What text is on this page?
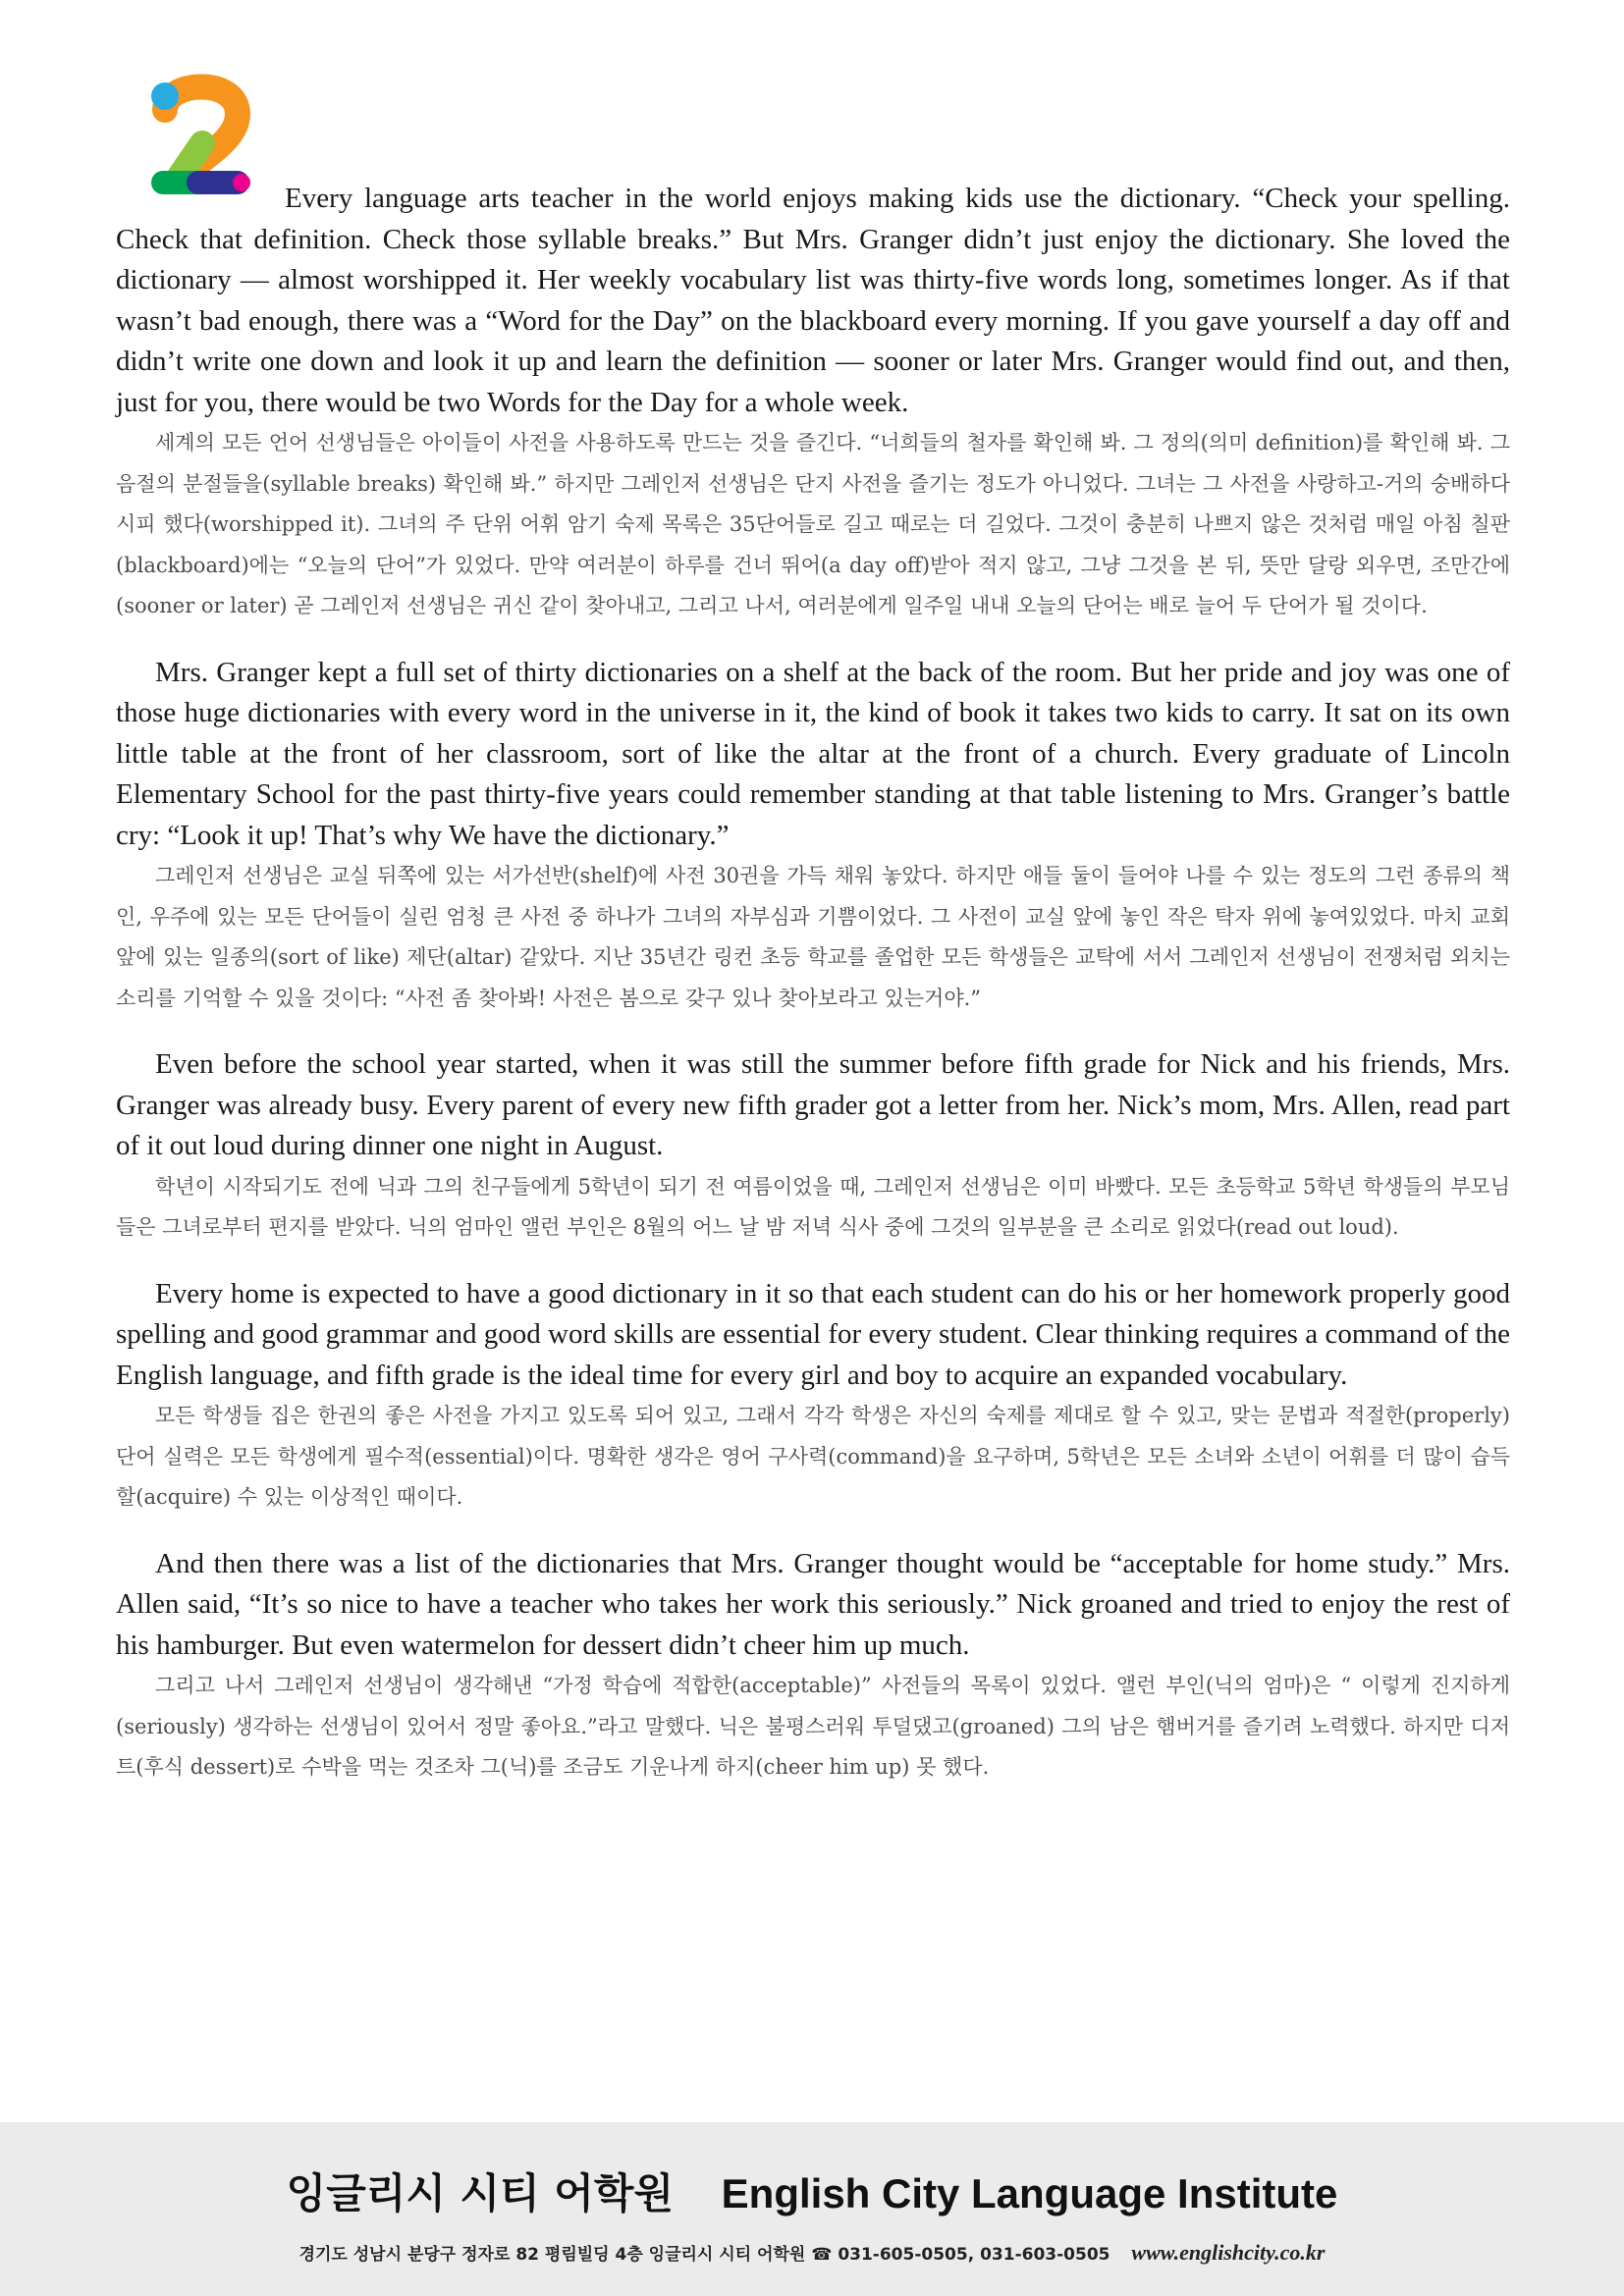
Every language arts teacher in the world enjoys making kids use the dictionary. “Check your spelling. Check that definition. Check those syllable breaks.” But Mrs. Granger didn’t just enjoy the dictionary. She loved the dictionary — almost worshipped it. Her weekly vocabulary list was thirty-five words long, sometimes longer. As if that wasn’t bad enough, there was a “Word for the Day” on the blackboard every morning. If you gave yourself a day off and didn’t write one down and look it up and learn the definition — sooner or later Mrs. Granger would find out, and then, just for you, there would be two Words for the Day for a whole week.

세계의 모든 언어 선생님들은 아이들이 사전을 사용하도록 만드는 것을 즐긴다. “너희들의 철자를 확인해 봐. 그 정의(의미 definition)를 확인해 봐. 그 음절의 분절들을(syllable breaks) 확인해 봐.” 하지만 그레인저 선생님은 단지 사전을 즐기는 정도가 아니었다. 그녀는 그 사전을 사랑하고-거의 숭배하다시피 했다(worshipped it). 그녀의 주 단위 어휘 암기 숙제 목록은 35단어들로 길고 때로는 더 길었다. 그것이 충분히 나쁘지 않은 것처럼 매일 아침 칠판(blackboard)에는 “오늘의 단어”가 있었다. 만약 여러분이 하루를 건너 뛰어(a day off)받아 적지 않고, 그냥 그것을 본 뒤, 뜻만 달랑 외우면, 조만간에(sooner or later) 곧 그레인저 선생님은 귀신 같이 찾아내고, 그리고 나서, 여러분에게 일주일 내내 오늘의 단어는 배로 늘어 두 단어가 될 것이다.

Mrs. Granger kept a full set of thirty dictionaries on a shelf at the back of the room. But her pride and joy was one of those huge dictionaries with every word in the universe in it, the kind of book it takes two kids to carry. It sat on its own little table at the front of her classroom, sort of like the altar at the front of a church. Every graduate of Lincoln Elementary School for the past thirty-five years could remember standing at that table listening to Mrs. Granger’s battle cry: “Look it up! That’s why We have the dictionary.”

그레인저 선생님은 교실 뒤쪽에 있는 서가선반(shelf)에 사전 30권을 가득 채워 놓았다. 하지만 애들 둘이 들어야 나를 수 있는 정도의 그런 종류의 책인, 우주에 있는 모든 단어들이 실린 엄청 큰 사전 중 하나가 그녀의 자부심과 기쁨이었다. 그 사전이 교실 앞에 놓인 작은 탁자 위에 놓여있었다. 마치 교회 앞에 있는 일종의(sort of like) 제단(altar) 같았다. 지난 35년간 링컨 초등 학교를 졸업한 모든 학생들은 교탁에 서서 그레인저 선생님이 전쟁처럼 외치는 소리를 기억할 수 있을 것이다: “사전 좀 찾아봐! 사전은 봄으로 갖구 있나 찾아보라고 있는거야.”

Even before the school year started, when it was still the summer before fifth grade for Nick and his friends, Mrs. Granger was already busy. Every parent of every new fifth grader got a letter from her. Nick’s mom, Mrs. Allen, read part of it out loud during dinner one night in August.

학년이 시작되기도 전에 닉과 그의 친구들에게 5학년이 되기 전 여름이었을 때, 그레인저 선생님은 이미 바빴다. 모든 초등학교 5학년 학생들의 부모님들은 그녀로부터 편지를 받았다. 닉의 엄마인 앨런 부인은 8월의 어느 날 밤 저녁 식사 중에 그것의 일부분을 큰 소리로 읽었다(read out loud).

Every home is expected to have a good dictionary in it so that each student can do his or her homework properly good spelling and good grammar and good word skills are essential for every student. Clear thinking requires a command of the English language, and fifth grade is the ideal time for every girl and boy to acquire an expanded vocabulary.

모든 학생들 집은 한권의 좋은 사전을 가지고 있도록 되어 있고, 그래서 각각 학생은 자신의 숙제를 제대로 할 수 있고, 맞는 문법과 적절한(properly) 단어 실력은 모든 학생에게 필수적(essential)이다. 명확한 생각은 영어 구사력(command)을 요구하며, 5학년은 모든 소녀와 소년이 어휘를 더 많이 습득할(acquire) 수 있는 이상적인 때이다.

And then there was a list of the dictionaries that Mrs. Granger thought would be “acceptable for home study.” Mrs. Allen said, “It’s so nice to have a teacher who takes her work this seriously.” Nick groaned and tried to enjoy the rest of his hamburger. But even watermelon for dessert didn’t cheer him up much.

그리고 나서 그레인저 선생님이 생각해낸 “가정 학습에 적합한(acceptable)” 사전들의 목록이 있었다. 앨런 부인(닉의 엄마)은 “ 이렇게 진지하게(seriously) 생각하는 선생님이 있어서 정말 좋아요.”라고 말했다. 닉은 불평스러워 투덜댔고(groaned) 그의 남은 햄버거를 즐기려 노력했다. 하지만 디저트(후식 dessert)로 수박을 먹는 것조차 그(닉)를 조금도 기운나게 하지(cheer him up) 못 했다.

잉글리시 시티 어학원 English City Language Institute
경기도 성남시 분당구 정자로 82 평림빌딩 4층 잉글리시 시티 어학원 ☎ 031-605-0505, 031-603-0505 www.englishcity.co.kr
